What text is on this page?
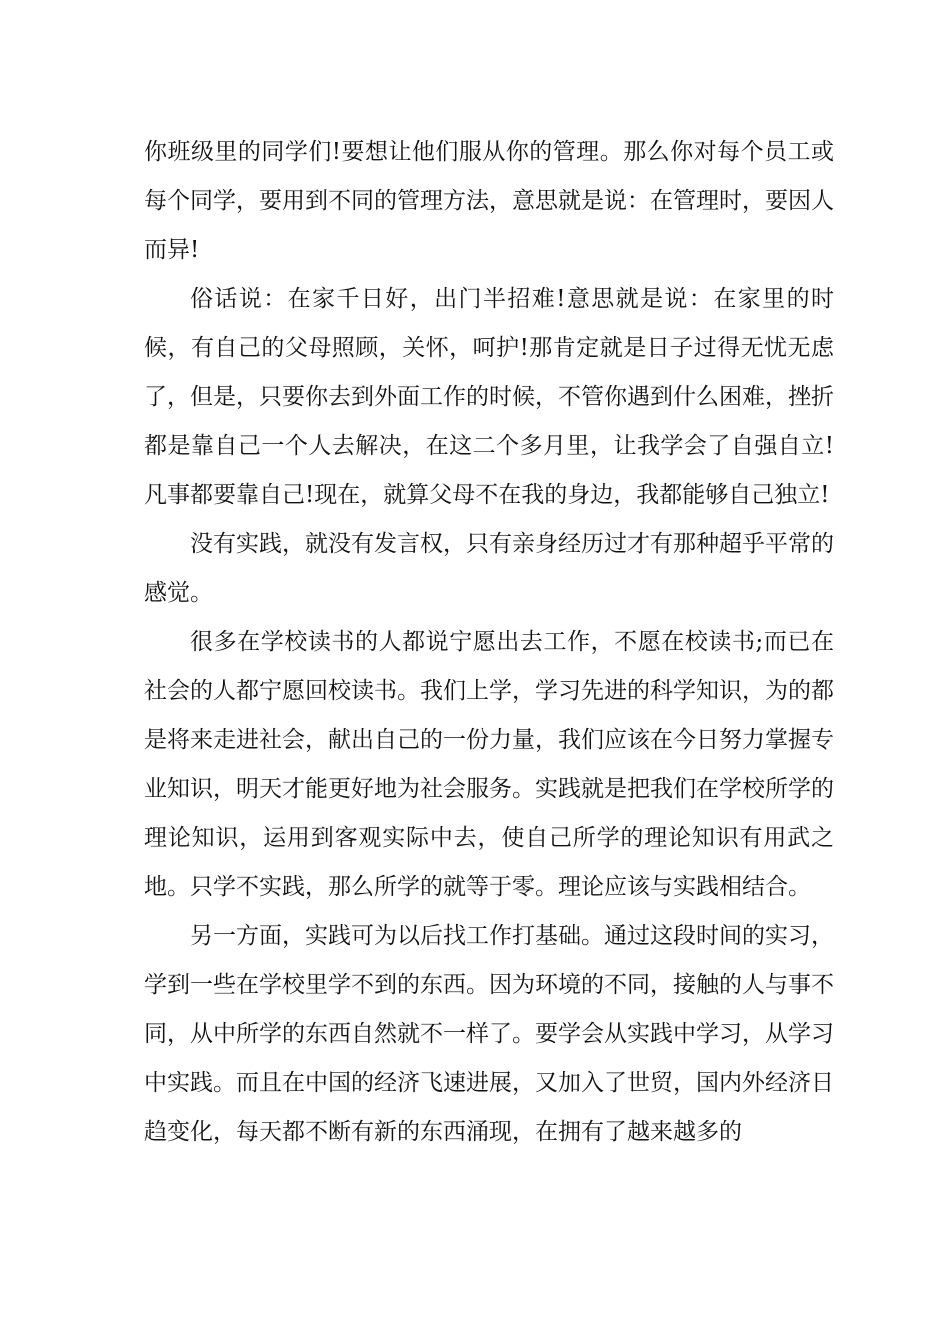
你班级里的同学们!要想让他们服从你的管理。那么你对每个员工或每个同学，要用到不同的管理方法，意思就是说：在管理时，要因人而异!

俗话说：在家千日好，出门半招难!意思就是说：在家里的时候，有自己的父母照顾，关怀，呵护!那肯定就是日子过得无忧无虑了，但是，只要你去到外面工作的时候，不管你遇到什么困难，挫折都是靠自己一个人去解决，在这二个多月里，让我学会了自强自立!凡事都要靠自己!现在，就算父母不在我的身边，我都能够自己独立!

没有实践，就没有发言权，只有亲身经历过才有那种超乎平常的感觉。

很多在学校读书的人都说宁愿出去工作，不愿在校读书;而已在社会的人都宁愿回校读书。我们上学，学习先进的科学知识，为的都是将来走进社会，献出自己的一份力量，我们应该在今日努力掌握专业知识，明天才能更好地为社会服务。实践就是把我们在学校所学的理论知识，运用到客观实际中去，使自己所学的理论知识有用武之地。只学不实践，那么所学的就等于零。理论应该与实践相结合。

另一方面，实践可为以后找工作打基础。通过这段时间的实习，学到一些在学校里学不到的东西。因为环境的不同，接触的人与事不同，从中所学的东西自然就不一样了。要学会从实践中学习，从学习中实践。而且在中国的经济飞速进展，又加入了世贸，国内外经济日趋变化，每天都不断有新的东西涌现，在拥有了越来越多的
